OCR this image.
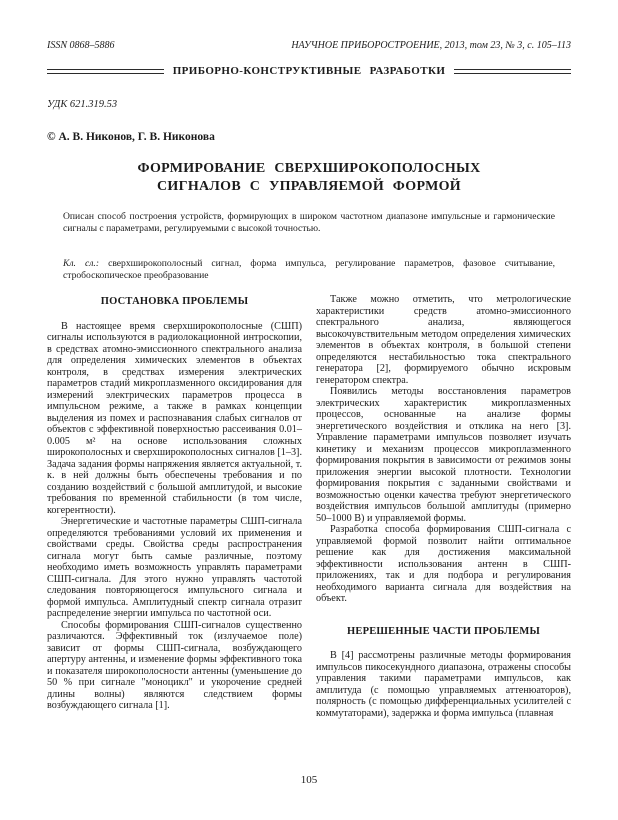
ISSN 0868–5886	НАУЧНОЕ ПРИБОРОСТРОЕНИЕ, 2013, том 23, № 3, c. 105–113
ПРИБОРНО-КОНСТРУКТИВНЫЕ РАЗРАБОТКИ
УДК 621.319.53
© А. В. Никонов, Г. В. Никонова
ФОРМИРОВАНИЕ СВЕРХШИРОКОПОЛОСНЫХ
СИГНАЛОВ С УПРАВЛЯЕМОЙ ФОРМОЙ

Описан способ построения устройств, формирующих в широком частотном диапазоне импульсные и гармонические сигналы с параметрами, регулируемыми с высокой точностью.

Кл. сл.: сверхширокополосный сигнал, форма импульса, регулирование параметров, фазовое считывание, стробоскопическое преобразование

ПОСТАНОВКА ПРОБЛЕМЫ

В настоящее время сверхширокополосные (СШП) сигналы используются в радиолокационной интроскопии, в средствах атомно-эмиссионного спектрального анализа для определения химических элементов в объектах контроля, в средствах измерения электрических параметров стадий микроплазменного оксидирования для измерений электрических параметров процесса в импульсном режиме, а также в рамках концепции выделения из помех и распознавания слабых сигналов от объектов с эффективной поверхностью рассеивания 0.01–0.005 м² на основе использования сложных широкополосных и сверхширокополосных сигналов [1–3]. Задача задания формы напряжения является актуальной, т. к. в ней должны быть обеспечены требования и по созданию воздействий с большой амплитудой, и высокие требования по временно́й стабильности (в том числе, когерентности).

Энергетические и частотные параметры СШП-сигнала определяются требованиями условий их применения и свойствами среды. Свойства среды распространения сигнала могут быть самые различные, поэтому необходимо иметь возможность управлять параметрами СШП-сигнала. Для этого нужно управлять частотой следования повторяющегося импульсного сигнала и формой импульса. Амплитудный спектр сигнала отразит распределение энергии импульса по частотной оси.

Способы формирования СШП-сигналов существенно различаются. Эффективный ток (излучаемое поле) зависит от формы СШП-сигнала, возбуждающего апертуру антенны, и изменение формы эффективного тока и показателя широкополосности антенны (уменьшение до 50 % при сигнале "моноцикл" и укорочение средней длины волны) являются следствием формы возбуждающего сигнала [1].

Также можно отметить, что метрологические характеристики средств атомно-эмиссионного спектрального анализа, являющегося высокочувствительным методом определения химических элементов в объектах контроля, в большой степени определяются нестабильностью тока спектрального генератора [2], формируемого обычно искровым генератором спектра.

Появились методы восстановления параметров электрических характеристик микроплазменных процессов, основанные на анализе формы энергетического воздействия и отклика на него [3]. Управление параметрами импульсов позволяет изучать кинетику и механизм процессов микроплазменного формирования покрытия в зависимости от режимов зоны приложения энергии высокой плотности. Технологии формирования покрытия с заданными свойствами и возможностью оценки качества требуют энергетического воздействия импульсов большой амплитуды (примерно 50–1000 В) и управляемой формы.

Разработка способа формирования СШП-сигнала с управляемой формой позволит найти оптимальное решение как для достижения максимальной эффективности использования антенн в СШП-приложениях, так и для подбора и регулирования необходимого варианта сигнала для воздействия на объект.

НЕРЕШЕННЫЕ ЧАСТИ ПРОБЛЕМЫ

В [4] рассмотрены различные методы формирования импульсов пикосекундного диапазона, отражены способы управления такими параметрами импульсов, как амплитуда (с помощью управляемых аттенюаторов), полярность (с помощью дифференциальных усилителей с коммутаторами), задержка и форма импульса (плавная

105
